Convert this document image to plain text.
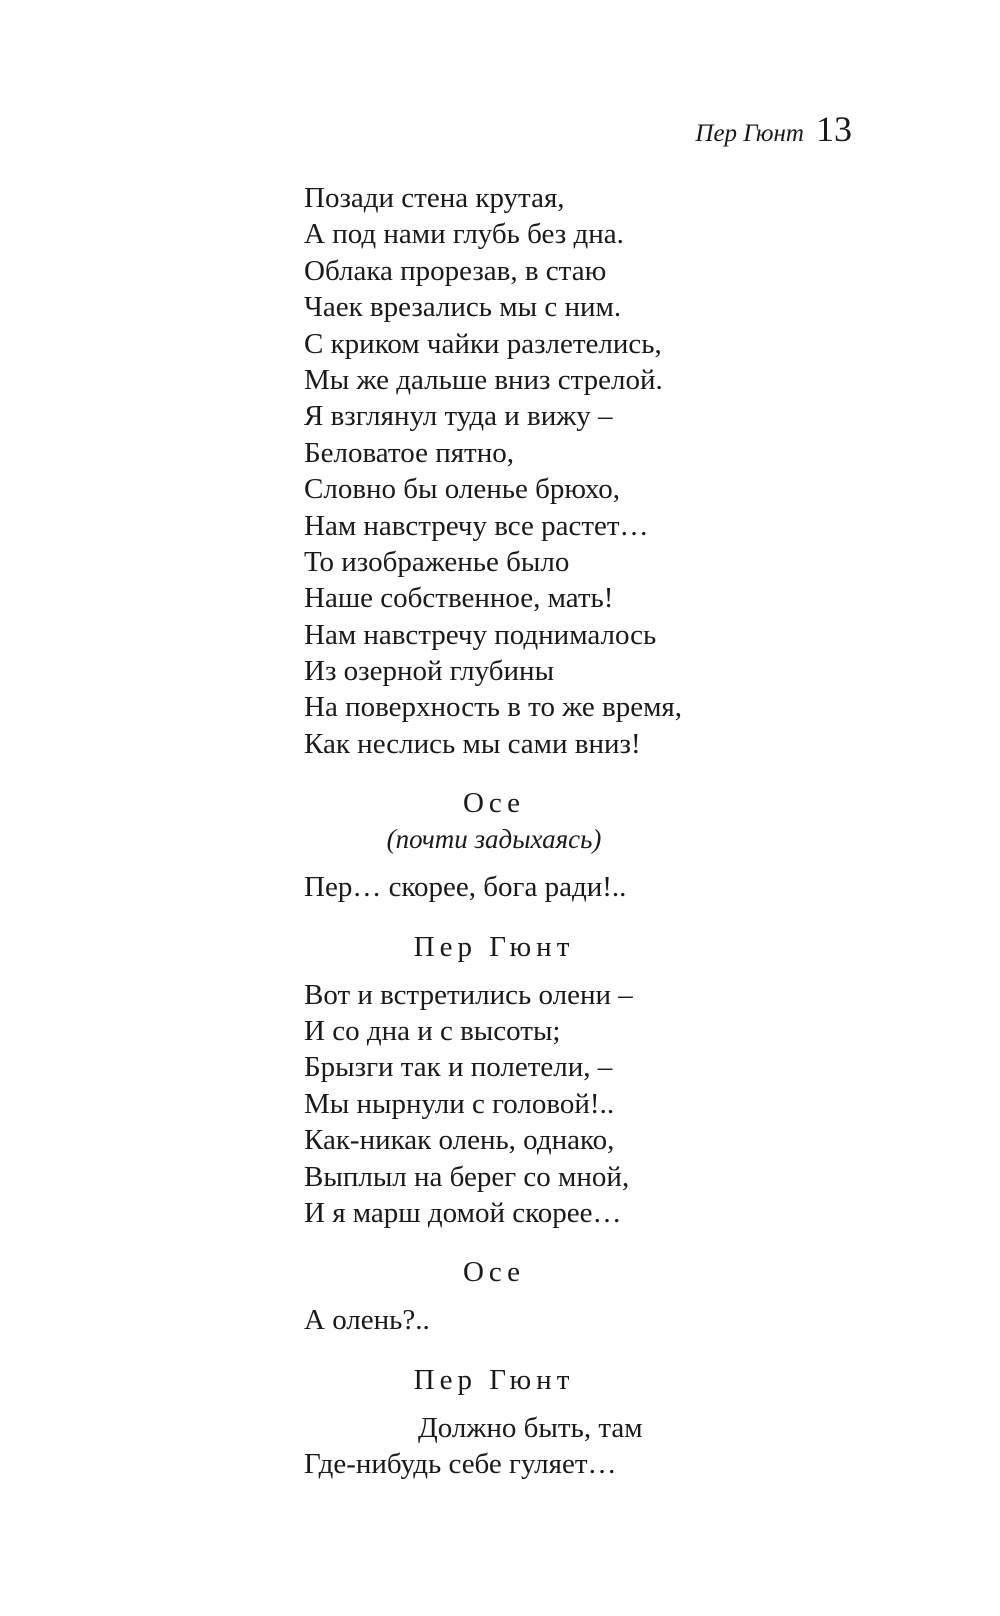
Пер Гюнт 13
Позади стена крутая,
А под нами глубь без дна.
Облака прорезав, в стаю
Чаек врезались мы с ним.
С криком чайки разлетелись,
Мы же дальше вниз стрелой.
Я взглянул туда и вижу –
Беловатое пятно,
Словно бы оленье брюхо,
Нам навстречу все растет…
То изображенье было
Наше собственное, мать!
Нам навстречу поднималось
Из озерной глубины
На поверхность в то же время,
Как неслись мы сами вниз!
Осе
(почти задыхаясь)
Пер… скорее, бога ради!..
Пер Гюнт
Вот и встретились олени –
И со дна и с высоты;
Брызги так и полетели, –
Мы нырнули с головой!..
Как-никак олень, однако,
Выплыл на берег со мной,
И я марш домой скорее…
Осе
А олень?..
Пер Гюнт
Должно быть, там
Где-нибудь себе гуляет…
